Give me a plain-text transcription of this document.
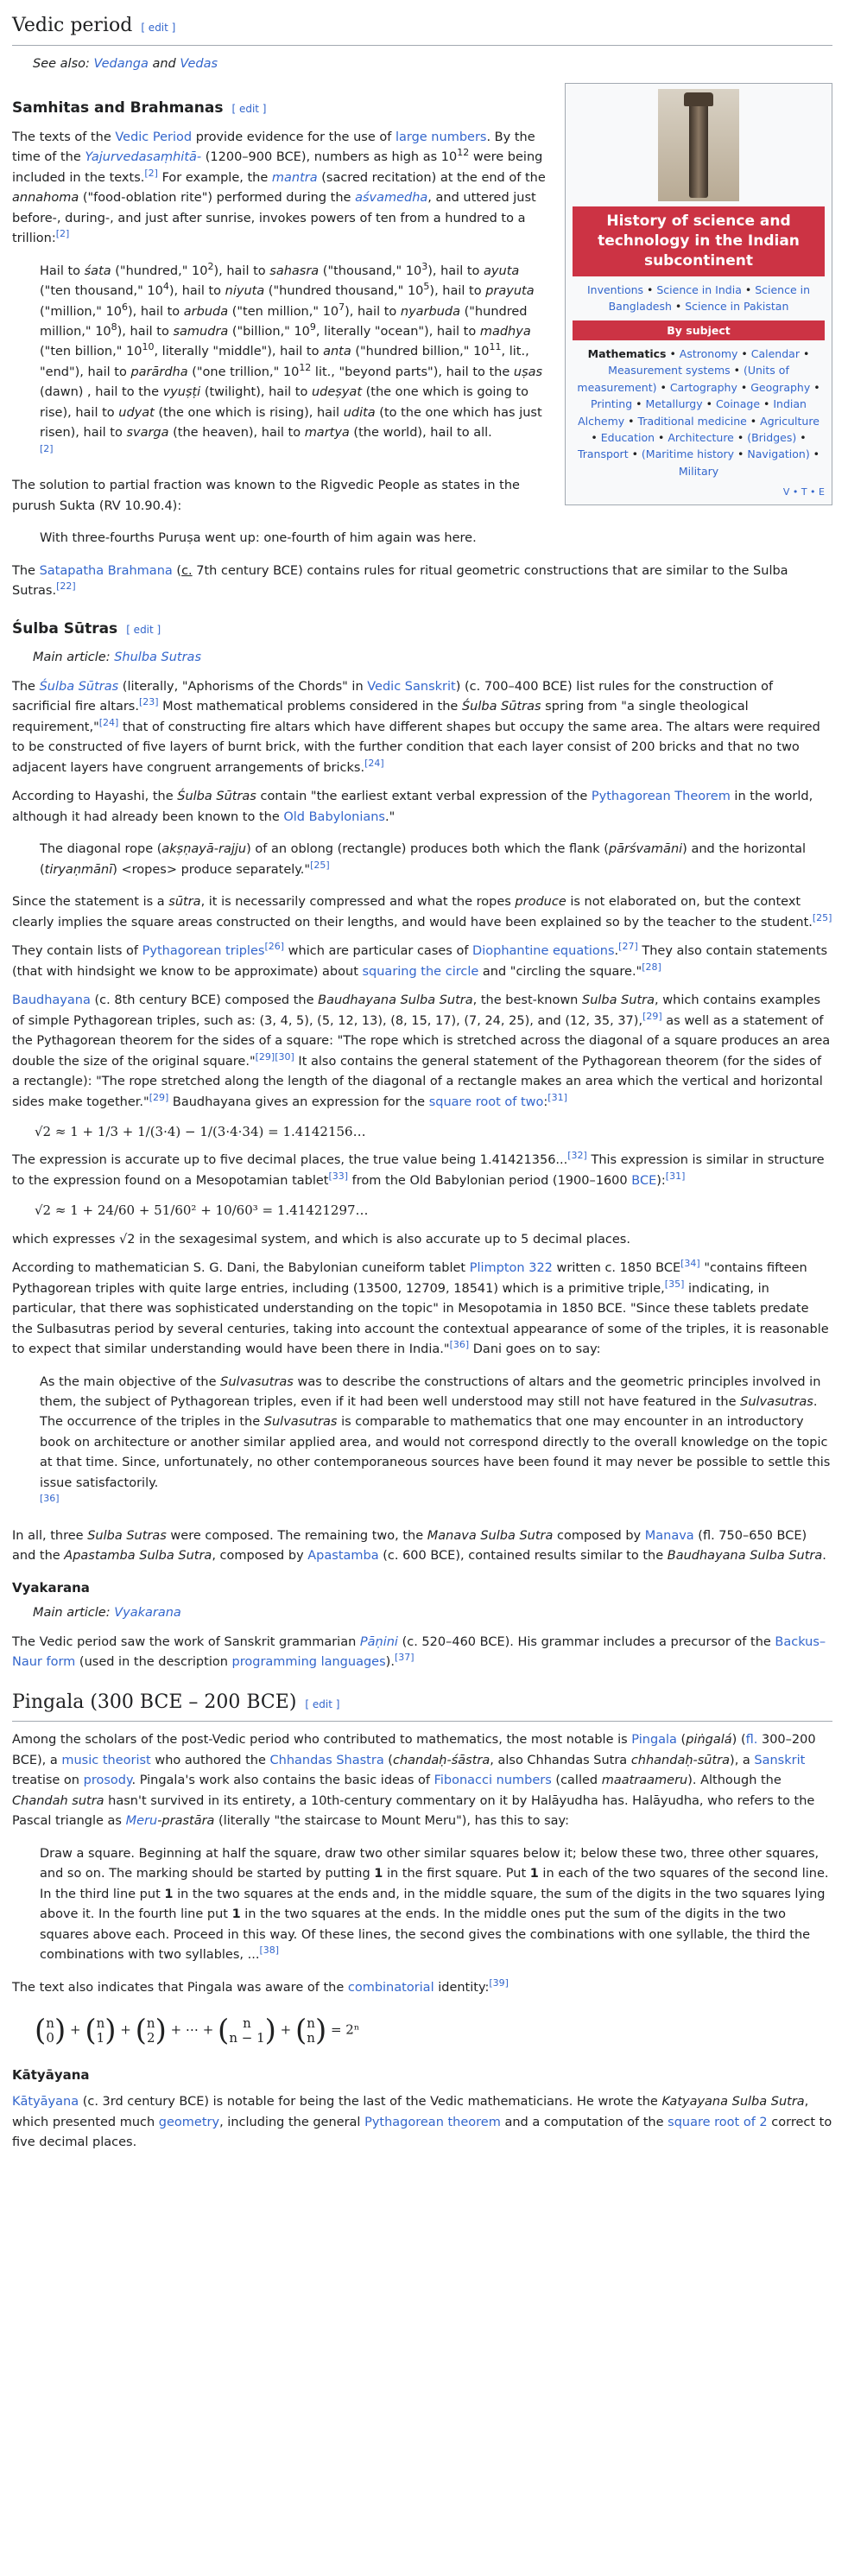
Vedic period [ edit ]
See also: Vedanga and Vedas
History of science and technology in the Indian subcontinent
Inventions • Science in India • Science in Bangladesh • Science in Pakistan
By subject
Mathematics • Astronomy • Calendar • Measurement systems • (Units of measurement) • Cartography • Geography • Printing • Metallurgy • Coinage • Indian Alchemy • Traditional medicine • Agriculture • Education • Architecture • (Bridges) • Transport • (Maritime history • Navigation) • Military
V • T • E
Samhitas and Brahmanas [ edit ]

The texts of the Vedic Period provide evidence for the use of large numbers. By the time of the Yajurvedasaṃhitā- (1200–900 BCE), numbers as high as $10^{12}$ were being included in the texts.[2] For example, the mantra (sacred recitation) at the end of the annahoma ("food-oblation rite") performed during the aśvamedha, and uttered just before-, during-, and just after sunrise, invokes powers of ten from a hundred to a trillion:[2]

Hail to śata ("hundred," $10^2$), hail to sahasra ("thousand," $10^3$), hail to ayuta ("ten thousand," $10^4$), hail to niyuta ("hundred thousand," $10^5$), hail to prayuta ("million," $10^6$), hail to arbuda ("ten million," $10^7$), hail to nyarbuda ("hundred million," $10^8$), hail to samudra ("billion," $10^9$, literally "ocean"), hail to madhya ("ten billion," $10^{10}$, literally "middle"), hail to anta ("hundred billion," $10^{11}$, lit., "end"), hail to parārdha ("one trillion," $10^{12}$ lit., "beyond parts"), hail to the uṣas (dawn) , hail to the vyuṣṭi (twilight), hail to udeṣyat (the one which is going to rise), hail to udyat (the one which is rising), hail udita (to the one which has just risen), hail to svarga (the heaven), hail to martya (the world), hail to all.
[2]

The solution to partial fraction was known to the Rigvedic People as states in the purush Sukta (RV 10.90.4):

With three-fourths Puruṣa went up: one-fourth of him again was here.

The Satapatha Brahmana (c. 7th century BCE) contains rules for ritual geometric constructions that are similar to the Sulba Sutras.[22]

Śulba Sūtras [ edit ]
Main article: Shulba Sutras

The Śulba Sūtras (literally, "Aphorisms of the Chords" in Vedic Sanskrit) (c. 700–400 BCE) list rules for the construction of sacrificial fire altars.[23] Most mathematical problems considered in the Śulba Sūtras spring from "a single theological requirement,"[24] that of constructing fire altars which have different shapes but occupy the same area. The altars were required to be constructed of five layers of burnt brick, with the further condition that each layer consist of 200 bricks and that no two adjacent layers have congruent arrangements of bricks.[24]

According to Hayashi, the Śulba Sūtras contain "the earliest extant verbal expression of the Pythagorean Theorem in the world, although it had already been known to the Old Babylonians."

The diagonal rope (akṣṇayā-rajju) of an oblong (rectangle) produces both which the flank (pārśvamāni) and the horizontal (tiryaṇmānī) <ropes> produce separately."[25]

Since the statement is a sūtra, it is necessarily compressed and what the ropes produce is not elaborated on, but the context clearly implies the square areas constructed on their lengths, and would have been explained so by the teacher to the student.[25]

They contain lists of Pythagorean triples[26] which are particular cases of Diophantine equations.[27] They also contain statements (that with hindsight we know to be approximate) about squaring the circle and "circling the square."[28]

Baudhayana (c. 8th century BCE) composed the Baudhayana Sulba Sutra, the best-known Sulba Sutra, which contains examples of simple Pythagorean triples, such as: (3, 4, 5), (5, 12, 13), (8, 15, 17), (7, 24, 25), and (12, 35, 37),[29] as well as a statement of the Pythagorean theorem for the sides of a square: "The rope which is stretched across the diagonal of a square produces an area double the size of the original square."[29][30] It also contains the general statement of the Pythagorean theorem (for the sides of a rectangle): "The rope stretched along the length of the diagonal of a rectangle makes an area which the vertical and horizontal sides make together."[29] Baudhayana gives an expression for the square root of two:[31]

√2 ≈ 1 + 1/3 + 1/(3·4) − 1/(3·4·34) = 1.4142156…

The expression is accurate up to five decimal places, the true value being 1.41421356...[32] This expression is similar in structure to the expression found on a Mesopotamian tablet[33] from the Old Babylonian period (1900–1600 BCE):[31]

√2 ≈ 1 + 24/60 + 51/60² + 10/60³ = 1.41421297…

which expresses √2 in the sexagesimal system, and which is also accurate up to 5 decimal places.

According to mathematician S. G. Dani, the Babylonian cuneiform tablet Plimpton 322 written c. 1850 BCE[34] "contains fifteen Pythagorean triples with quite large entries, including (13500, 12709, 18541) which is a primitive triple,[35] indicating, in particular, that there was sophisticated understanding on the topic" in Mesopotamia in 1850 BCE. "Since these tablets predate the Sulbasutras period by several centuries, taking into account the contextual appearance of some of the triples, it is reasonable to expect that similar understanding would have been there in India."[36] Dani goes on to say:

As the main objective of the Sulvasutras was to describe the constructions of altars and the geometric principles involved in them, the subject of Pythagorean triples, even if it had been well understood may still not have featured in the Sulvasutras. The occurrence of the triples in the Sulvasutras is comparable to mathematics that one may encounter in an introductory book on architecture or another similar applied area, and would not correspond directly to the overall knowledge on the topic at that time. Since, unfortunately, no other contemporaneous sources have been found it may never be possible to settle this issue satisfactorily.
[36]

In all, three Sulba Sutras were composed. The remaining two, the Manava Sulba Sutra composed by Manava (fl. 750–650 BCE) and the Apastamba Sulba Sutra, composed by Apastamba (c. 600 BCE), contained results similar to the Baudhayana Sulba Sutra.

Vyakarana
Main article: Vyakarana

The Vedic period saw the work of Sanskrit grammarian Pāṇini (c. 520–460 BCE). His grammar includes a precursor of the Backus–Naur form (used in the description programming languages).[37]

Pingala (300 BCE – 200 BCE) [ edit ]

Among the scholars of the post-Vedic period who contributed to mathematics, the most notable is Pingala (piṅgalá) (fl. 300–200 BCE), a music theorist who authored the Chhandas Shastra (chandaḥ-śāstra, also Chhandas Sutra chhandaḥ-sūtra), a Sanskrit treatise on prosody. Pingala's work also contains the basic ideas of Fibonacci numbers (called maatraameru). Although the Chandah sutra hasn't survived in its entirety, a 10th-century commentary on it by Halāyudha has. Halāyudha, who refers to the Pascal triangle as Meru-prastāra (literally "the staircase to Mount Meru"), has this to say:

Draw a square. Beginning at half the square, draw two other similar squares below it; below these two, three other squares, and so on. The marking should be started by putting 1 in the first square. Put 1 in each of the two squares of the second line. In the third line put 1 in the two squares at the ends and, in the middle square, the sum of the digits in the two squares lying above it. In the fourth line put 1 in the two squares at the ends. In the middle ones put the sum of the digits in the two squares above each. Proceed in this way. Of these lines, the second gives the combinations with one syllable, the third the combinations with two syllables, ...[38]

The text also indicates that Pingala was aware of the combinatorial identity:[39]

( n
0 ) + ( n
1 ) + ( n
2 ) + ⋯ + (	n
n − 1 ) + ( n
n ) = 2ⁿ
Kātyāyana

Kātyāyana (c. 3rd century BCE) is notable for being the last of the Vedic mathematicians. He wrote the Katyayana Sulba Sutra, which presented much geometry, including the general Pythagorean theorem and a computation of the square root of 2 correct to five decimal places.
